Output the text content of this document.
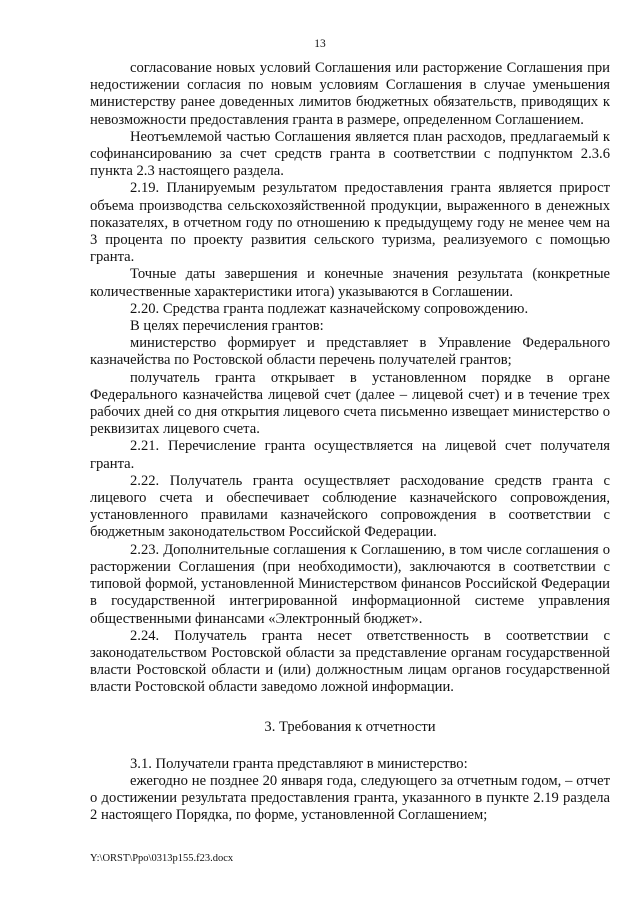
13

согласование новых условий Соглашения или расторжение Соглашения при недостижении согласия по новым условиям Соглашения в случае уменьшения министерству ранее доведенных лимитов бюджетных обязательств, приводящих к невозможности предоставления гранта в размере, определенном Соглашением.

Неотъемлемой частью Соглашения является план расходов, предлагаемый к софинансированию за счет средств гранта в соответствии с подпунктом 2.3.6 пункта 2.3 настоящего раздела.

2.19. Планируемым результатом предоставления гранта является прирост объема производства сельскохозяйственной продукции, выраженного в денежных показателях, в отчетном году по отношению к предыдущему году не менее чем на 3 процента по проекту развития сельского туризма, реализуемого с помощью гранта.

Точные даты завершения и конечные значения результата (конкретные количественные характеристики итога) указываются в Соглашении.

2.20. Средства гранта подлежат казначейскому сопровождению.

В целях перечисления грантов:

министерство формирует и представляет в Управление Федерального казначейства по Ростовской области перечень получателей грантов;

получатель гранта открывает в установленном порядке в органе Федерального казначейства лицевой счет (далее – лицевой счет) и в течение трех рабочих дней со дня открытия лицевого счета письменно извещает министерство о реквизитах лицевого счета.

2.21. Перечисление гранта осуществляется на лицевой счет получателя гранта.

2.22. Получатель гранта осуществляет расходование средств гранта с лицевого счета и обеспечивает соблюдение казначейского сопровождения, установленного правилами казначейского сопровождения в соответствии с бюджетным законодательством Российской Федерации.

2.23. Дополнительные соглашения к Соглашению, в том числе соглашения о расторжении Соглашения (при необходимости), заключаются в соответствии с типовой формой, установленной Министерством финансов Российской Федерации в государственной интегрированной информационной системе управления общественными финансами «Электронный бюджет».

2.24. Получатель гранта несет ответственность в соответствии с законодательством Ростовской области за представление органам государственной власти Ростовской области и (или) должностным лицам органов государственной власти Ростовской области заведомо ложной информации.

3. Требования к отчетности

3.1. Получатели гранта представляют в министерство:

ежегодно не позднее 20 января года, следующего за отчетным годом, – отчет о достижении результата предоставления гранта, указанного в пункте 2.19 раздела 2 настоящего Порядка, по форме, установленной Соглашением;

Y:\ORST\Ppo\0313p155.f23.docx
